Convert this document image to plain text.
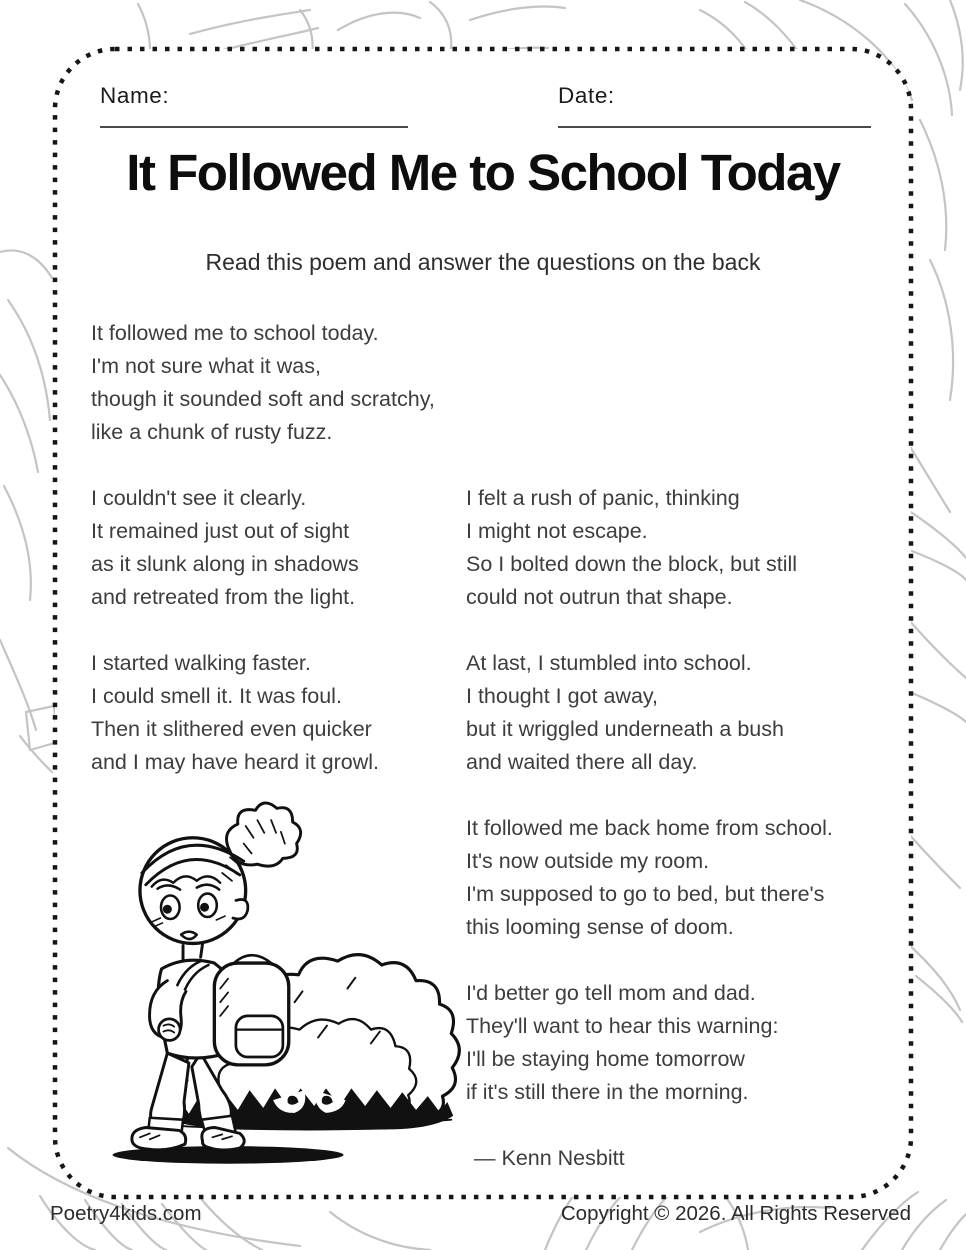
Name:	Date:
It Followed Me to School Today
Read this poem and answer the questions on the back
It followed me to school today.
I'm not sure what it was,
though it sounded soft and scratchy,
like a chunk of rusty fuzz.
I couldn't see it clearly.
It remained just out of sight
as it slunk along in shadows
and retreated from the light.
I started walking faster.
I could smell it. It was foul.
Then it slithered even quicker
and I may have heard it growl.
I felt a rush of panic, thinking
I might not escape.
So I bolted down the block, but still
could not outrun that shape.
At last, I stumbled into school.
I thought I got away,
but it wriggled underneath a bush
and waited there all day.
It followed me back home from school.
It's now outside my room.
I'm supposed to go to bed, but there's
this looming sense of doom.
I'd better go tell mom and dad.
They'll want to hear this warning:
I'll be staying home tomorrow
if it's still there in the morning.
— Kenn Nesbitt
Poetry4kids.com	Copyright © 2026. All Rights Reserved
